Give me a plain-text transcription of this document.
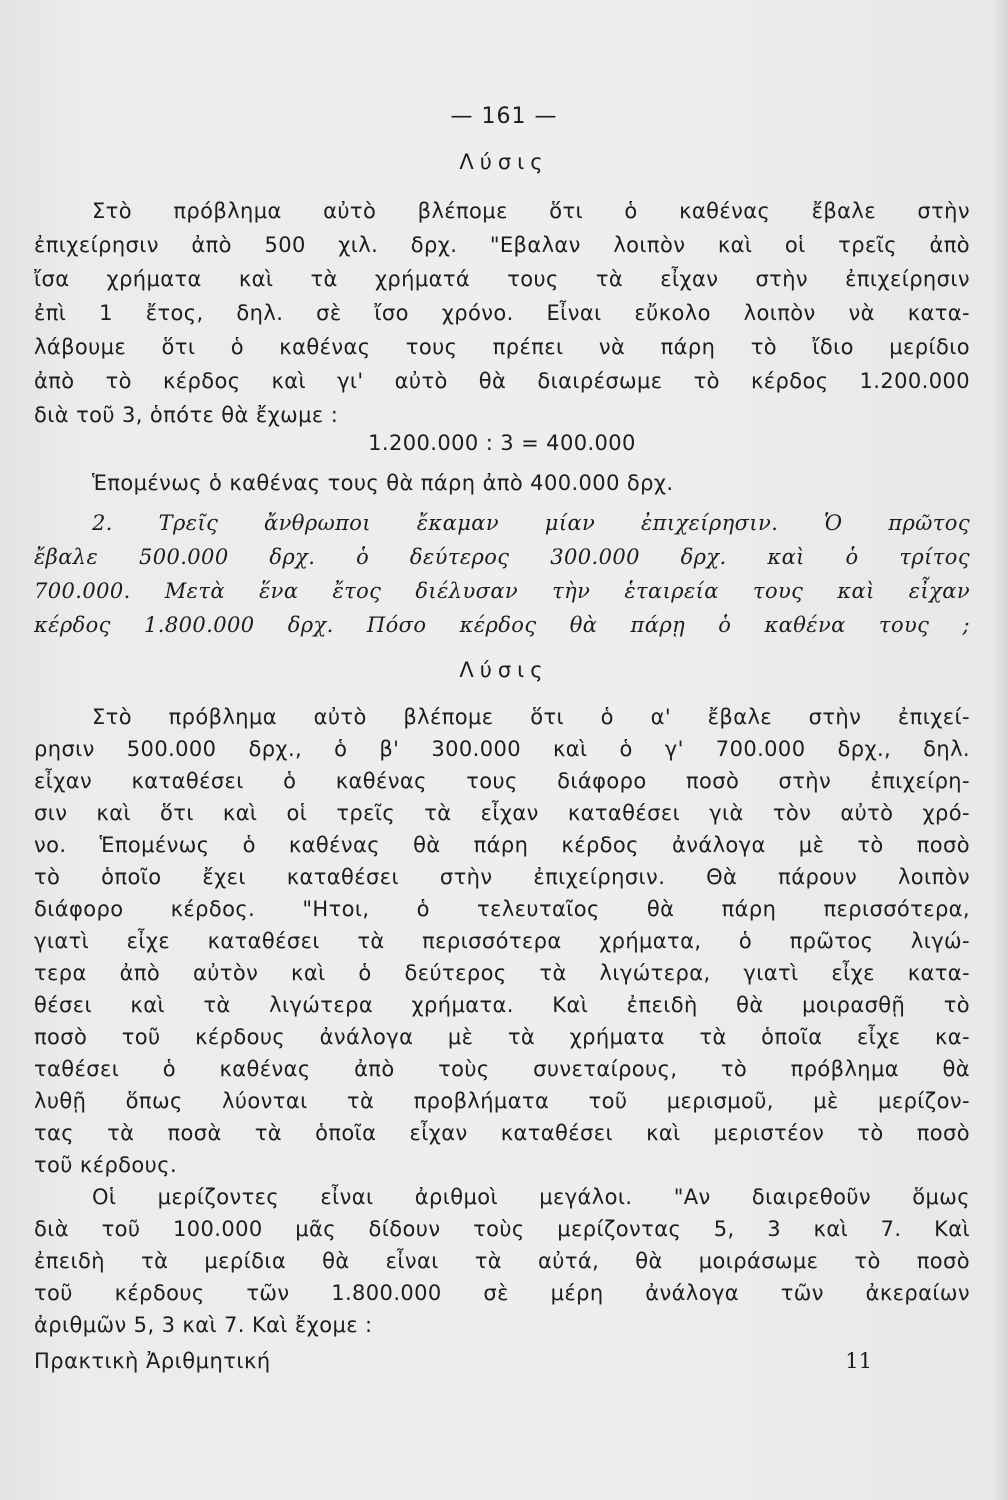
— 161 —
Λύσις
Στὸ πρόβλημα αὐτὸ βλέπομε ὅτι ὁ καθένας ἔβαλε στὴν
ἐπιχείρησιν ἀπὸ 500 χιλ. δρχ. "Εβαλαν λοιπὸν καὶ οἱ τρεῖς ἀπὸ
ἴσα χρήματα καὶ τὰ χρήματά τους τὰ εἶχαν στὴν ἐπιχείρησιν
ἐπὶ 1 ἔτος, δηλ. σὲ ἴσο χρόνο. Εἶναι εὔκολο λοιπὸν νὰ κατα-
λάβουμε ὅτι ὁ καθένας τους πρέπει νὰ πάρη τὸ ἴδιο μερίδιο
ἀπὸ τὸ κέρδος καὶ γι' αὐτὸ θὰ διαιρέσωμε τὸ κέρδος 1.200.000
διὰ τοῦ 3, ὁπότε θὰ ἔχωμε :
1.200.000 : 3 = 400.000
Ἑπομένως ὁ καθένας τους θὰ πάρη ἀπὸ 400.000 δρχ.
2. Τρεῖς ἄνθρωποι ἔκαμαν μίαν ἐπιχείρησιν. Ὁ πρῶτος
ἔβαλε 500.000 δρχ. ὁ δεύτερος 300.000 δρχ. καὶ ὁ τρίτος
700.000. Μετὰ ἕνα ἔτος διέλυσαν τὴν ἑταιρεία τους καὶ εἶχαν
κέρδος 1.800.000 δρχ. Πόσο κέρδος θὰ πάρῃ ὁ καθένα τους ;
Λύσις
Στὸ πρόβλημα αὐτὸ βλέπομε ὅτι ὁ α' ἔβαλε στὴν ἐπιχεί-
ρησιν 500.000 δρχ., ὁ β' 300.000 καὶ ὁ γ' 700.000 δρχ., δηλ.
εἶχαν καταθέσει ὁ καθένας τους διάφορο ποσὸ στὴν ἐπιχείρη-
σιν καὶ ὅτι καὶ οἱ τρεῖς τὰ εἶχαν καταθέσει γιὰ τὸν αὐτὸ χρό-
νο. Ἑπομένως ὁ καθένας θὰ πάρη κέρδος ἀνάλογα μὲ τὸ ποσὸ
τὸ ὁποῖο ἔχει καταθέσει στὴν ἐπιχείρησιν. Θὰ πάρουν λοιπὸν
διάφορο κέρδος. "Ητοι, ὁ τελευταῖος θὰ πάρη περισσότερα,
γιατὶ εἶχε καταθέσει τὰ περισσότερα χρήματα, ὁ πρῶτος λιγώ-
τερα ἀπὸ αὐτὸν καὶ ὁ δεύτερος τὰ λιγώτερα, γιατὶ εἶχε κατα-
θέσει καὶ τὰ λιγώτερα χρήματα. Καὶ ἐπειδὴ θὰ μοιρασθῇ τὸ
ποσὸ τοῦ κέρδους ἀνάλογα μὲ τὰ χρήματα τὰ ὁποῖα εἶχε κα-
ταθέσει ὁ καθένας ἀπὸ τοὺς συνεταίρους, τὸ πρόβλημα θὰ
λυθῇ ὅπως λύονται τὰ προβλήματα τοῦ μερισμοῦ, μὲ μερίζον-
τας τὰ ποσὰ τὰ ὁποῖα εἶχαν καταθέσει καὶ μεριστέον τὸ ποσὸ
τοῦ κέρδους.
Οἱ μερίζοντες εἶναι ἀριθμοὶ μεγάλοι. "Αν διαιρεθοῦν ὅμως
διὰ τοῦ 100.000 μᾶς δίδουν τοὺς μερίζοντας 5, 3 καὶ 7. Καὶ
ἐπειδὴ τὰ μερίδια θὰ εἶναι τὰ αὐτά, θὰ μοιράσωμε τὸ ποσὸ
τοῦ κέρδους τῶν 1.800.000 σὲ μέρη ἀνάλογα τῶν ἀκεραίων
Πρακτικὴ Ἀριθμητική	11
ἀριθμῶν 5, 3 καὶ 7. Καὶ ἔχομε :
